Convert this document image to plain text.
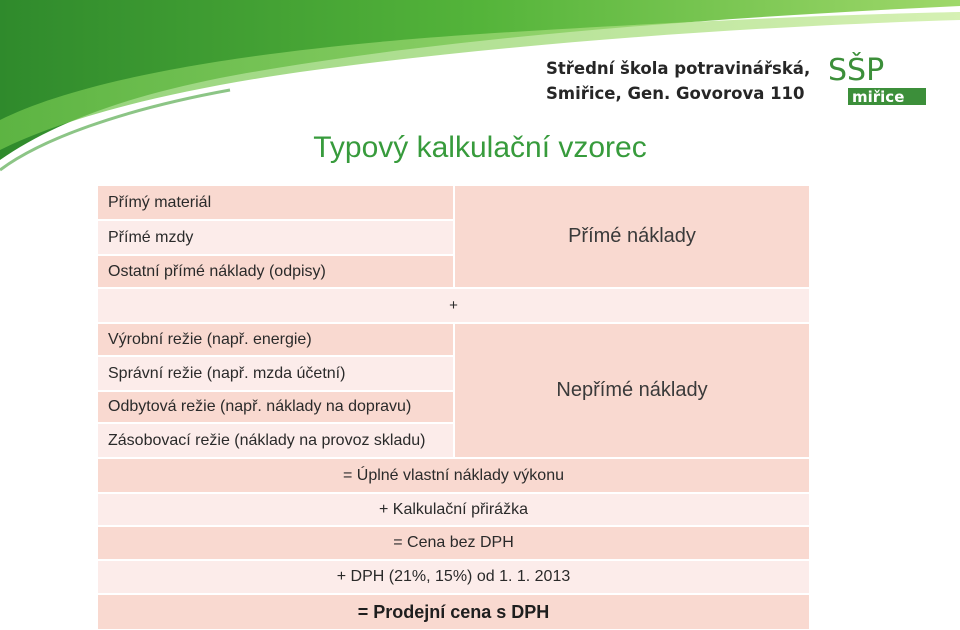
Střední škola potravinářská,
Smiřice, Gen. Govorova 110
SŠP
miřice
Typový kalkulační vzorec
Přímý materiál
Přímé mzdy
Ostatní přímé náklady (odpisy)
Přímé náklady
+
Výrobní režie (např. energie)
Správní režie (např. mzda účetní)
Odbytová režie (např. náklady na dopravu)
Zásobovací režie (náklady na provoz skladu)
Nepřímé náklady
= Úplné vlastní náklady výkonu
+ Kalkulační přirážka
= Cena bez DPH
+ DPH (21%, 15%) od 1. 1. 2013
= Prodejní cena s DPH
